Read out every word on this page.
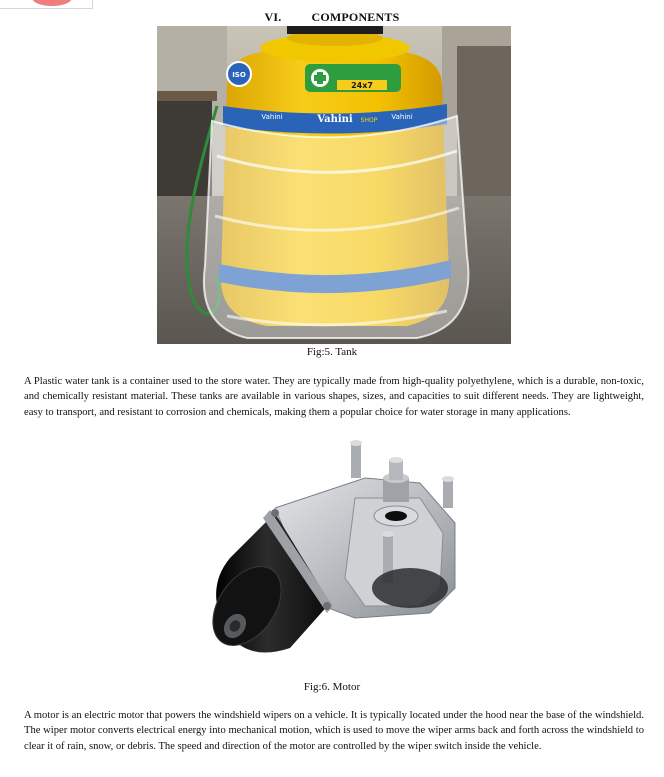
VI.	COMPONENTS
ISO
24x7
Vahini
Vahini	Vahini
SHOP
Fig:5. Tank

A Plastic water tank is a container used to the store water. They are typically made from high-quality polyethylene, which is a durable, non-toxic, and chemically resistant material. These tanks are available in various shapes, sizes, and capacities to suit different needs. They are lightweight, easy to transport, and resistant to corrosion and chemicals, making them a popular choice for water storage in many applications.

Fig:6. Motor

A motor is an electric motor that powers the windshield wipers on a vehicle. It is typically located under the hood near the base of the windshield. The wiper motor converts electrical energy into mechanical motion, which is used to move the wiper arms back and forth across the windshield to clear it of rain, snow, or debris. The speed and direction of the motor are controlled by the wiper switch inside the vehicle.
